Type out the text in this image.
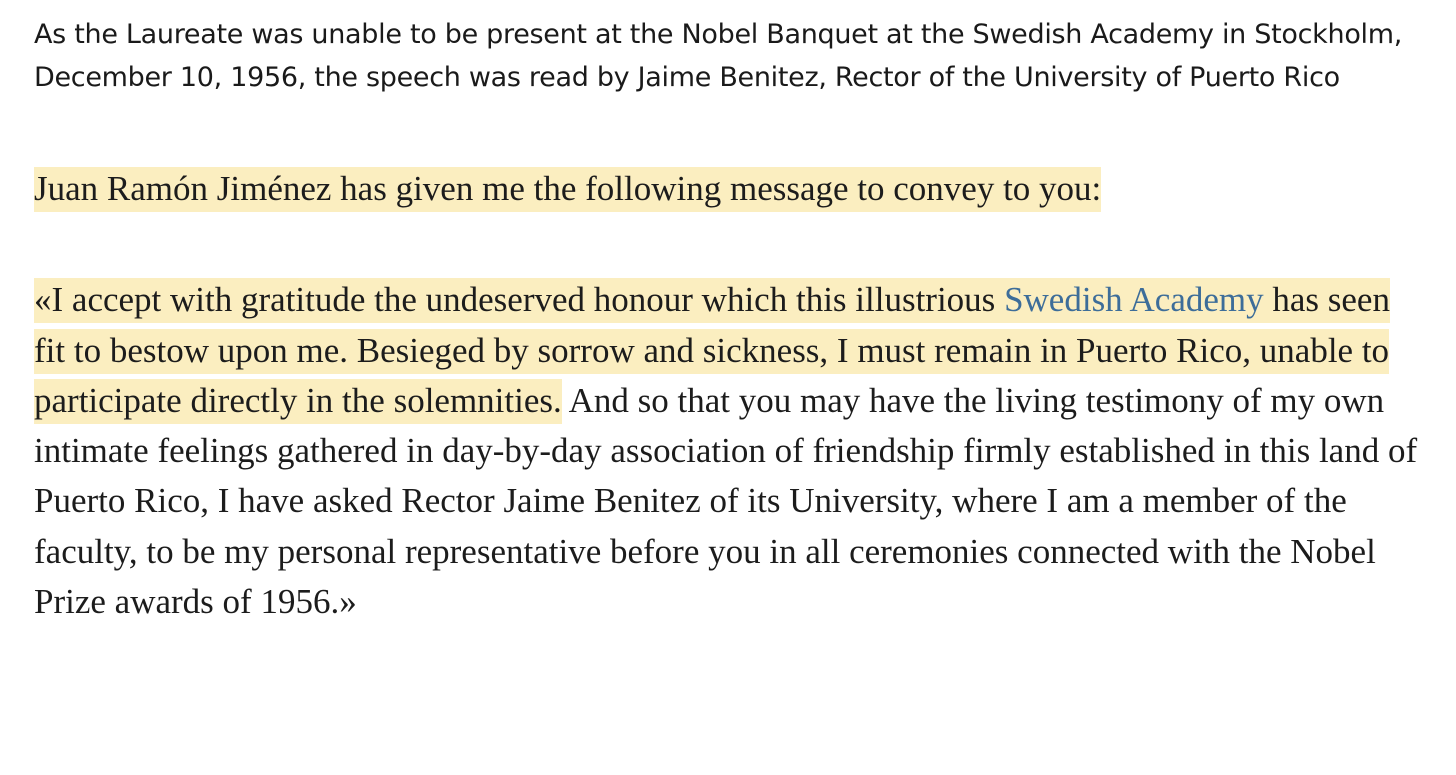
As the Laureate was unable to be present at the Nobel Banquet at the Swedish Academy in Stockholm, December 10, 1956, the speech was read by Jaime Benitez, Rector of the University of Puerto Rico

Juan Ramón Jiménez has given me the following message to convey to you:

«I accept with gratitude the undeserved honour which this illustrious Swedish Academy has seen fit to bestow upon me. Besieged by sorrow and sickness, I must remain in Puerto Rico, unable to participate directly in the solemnities. And so that you may have the living testimony of my own intimate feelings gathered in day-by-day association of friendship firmly established in this land of Puerto Rico, I have asked Rector Jaime Benitez of its University, where I am a member of the faculty, to be my personal representative before you in all ceremonies connected with the Nobel Prize awards of 1956.»
